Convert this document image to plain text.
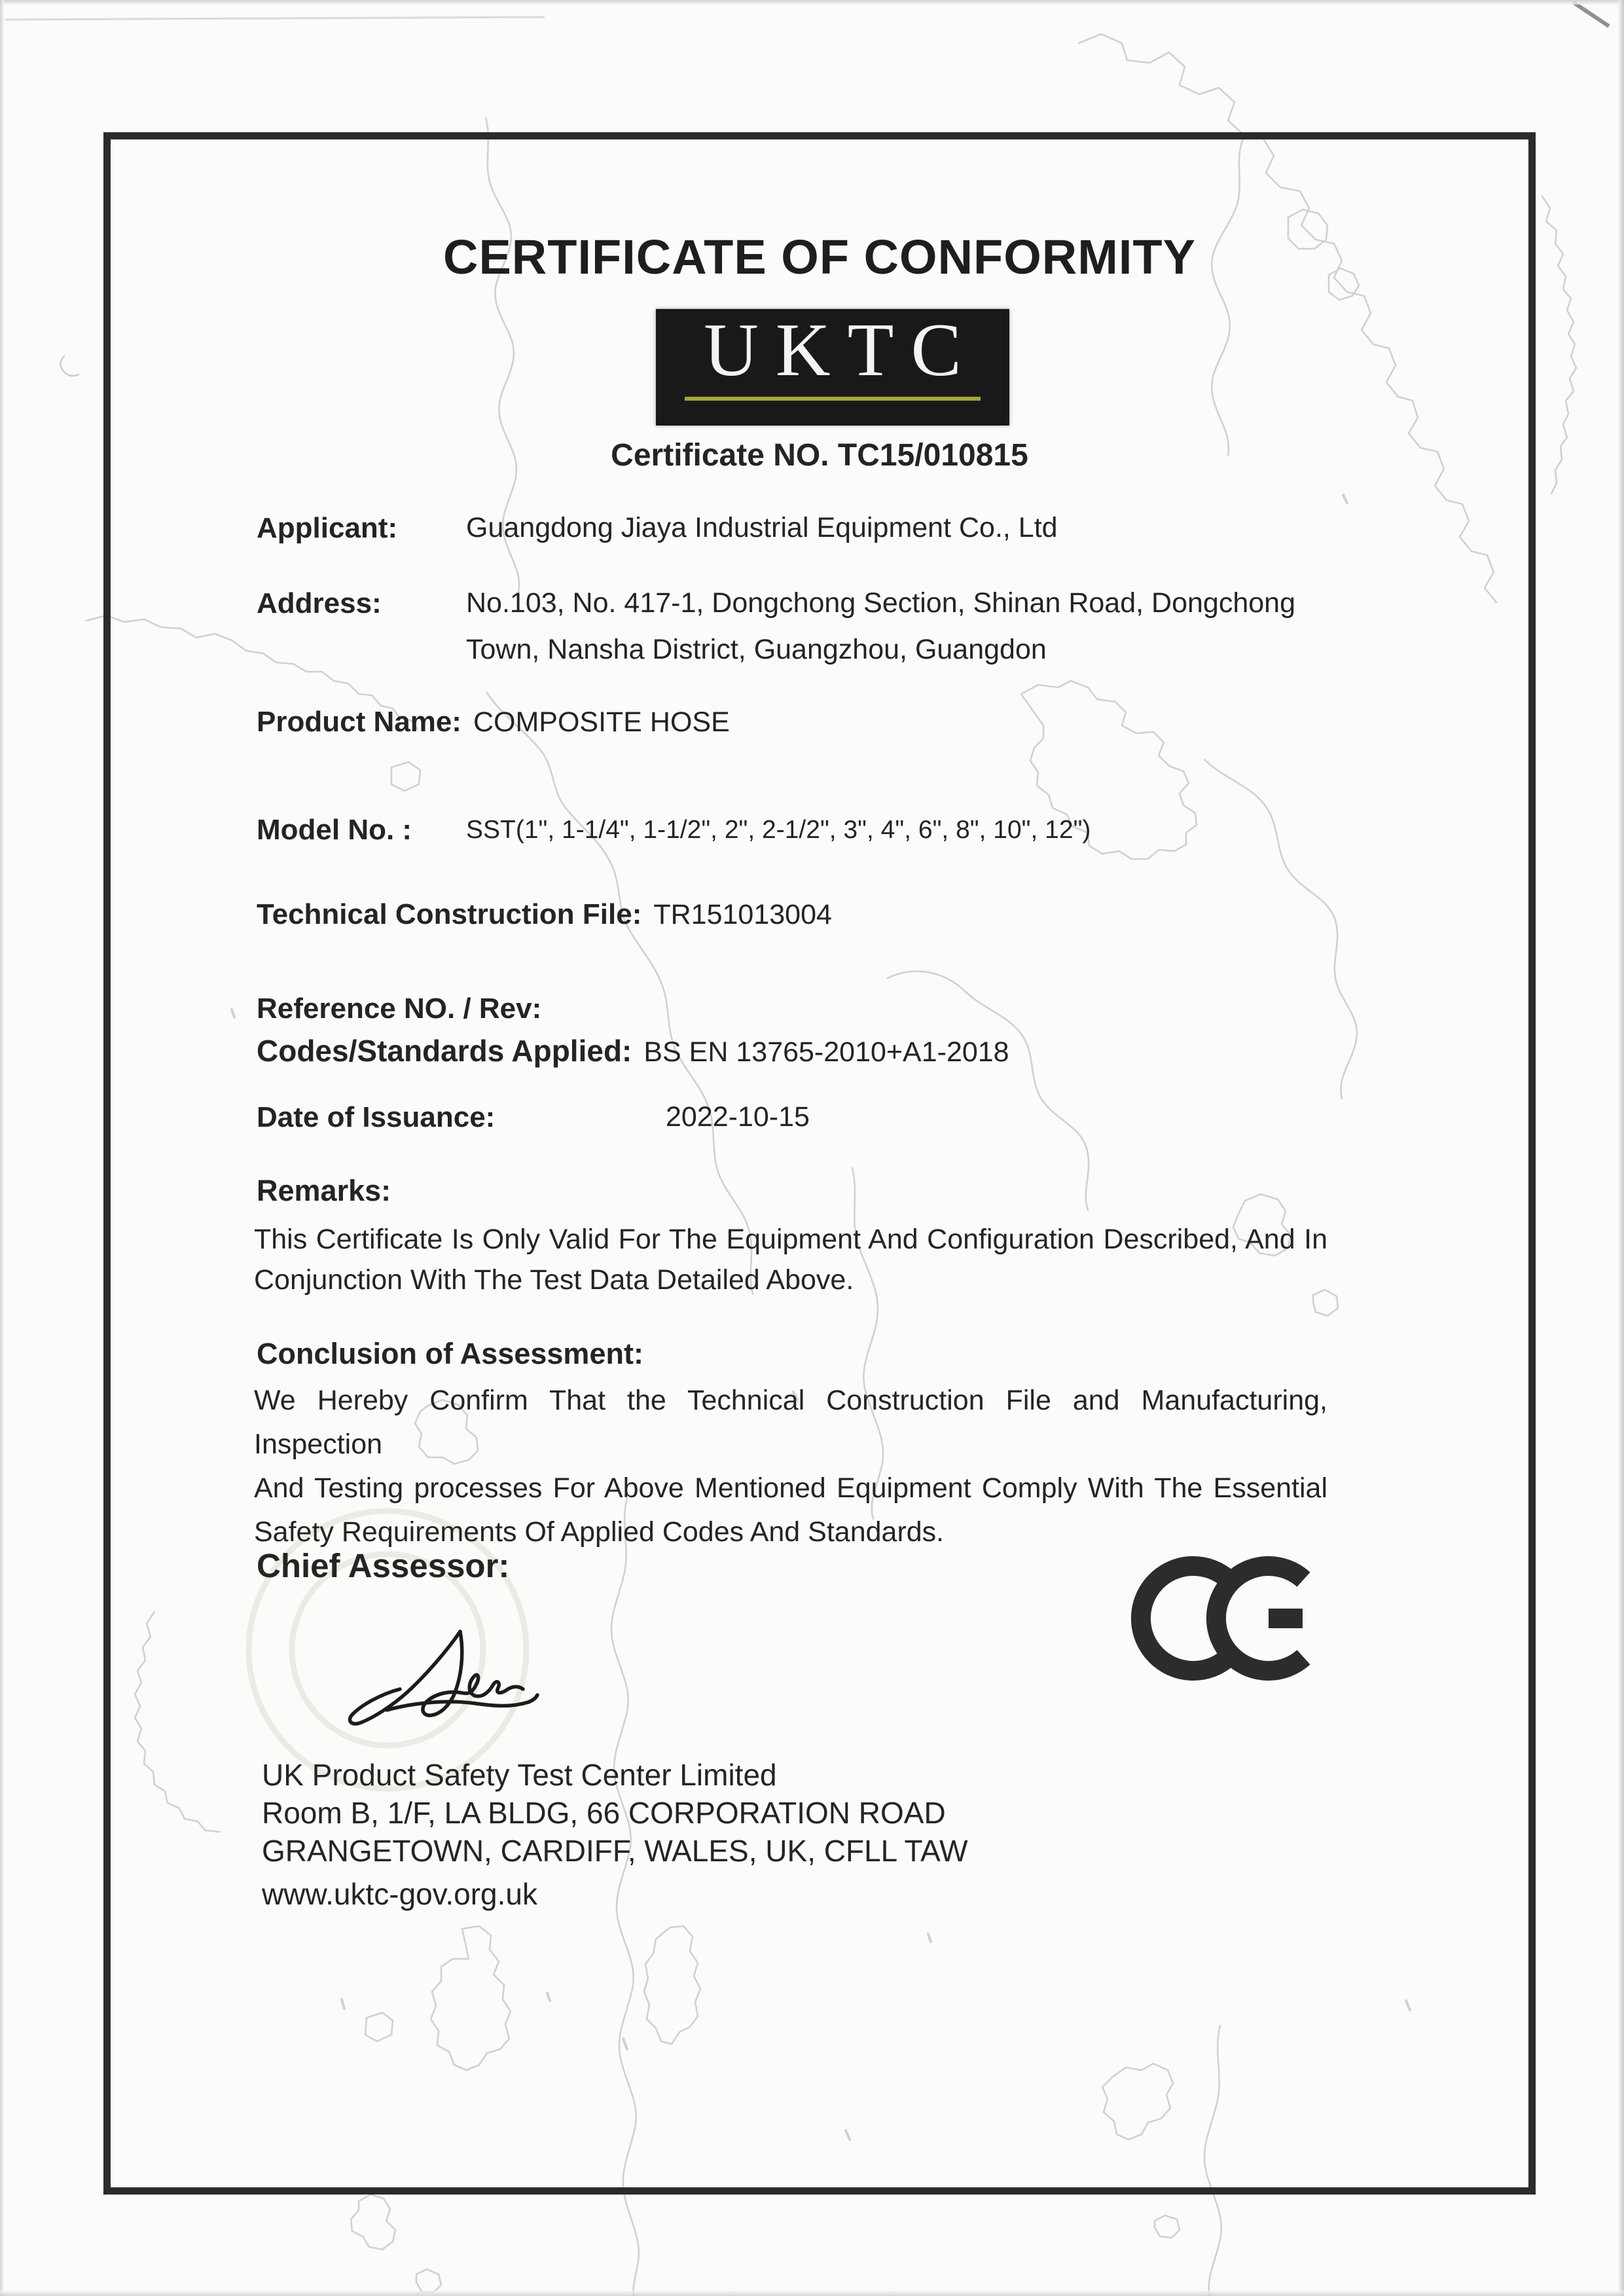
CERTIFICATE OF CONFORMITY
UKTC
Certificate NO. TC15/010815
Applicant: Guangdong Jiaya Industrial Equipment Co., Ltd
Address:	No.103, No. 417-1, Dongchong Section, Shinan Road, Dongchong
Town, Nansha District, Guangzhou, Guangdon
Product Name: COMPOSITE HOSE
Model No. : SST(1", 1-1/4", 1-1/2", 2", 2-1/2", 3", 4", 6", 8", 10", 12")
Technical Construction File: TR151013004
Reference NO. / Rev:
Codes/Standards Applied: BS EN 13765-2010+A1-2018
Date of Issuance:	2022-10-15
Remarks:
This Certificate Is Only Valid For The Equipment And Configuration Described, And In
Conjunction With The Test Data Detailed Above.
Conclusion of Assessment:
We Hereby Confirm That the Technical Construction File and Manufacturing, Inspection
And Testing processes For Above Mentioned Equipment Comply With The Essential
Safety Requirements Of Applied Codes And Standards.
Chief Assessor:
UK Product Safety Test Center Limited
Room B, 1/F, LA BLDG, 66 CORPORATION ROAD
GRANGETOWN, CARDIFF, WALES, UK, CFLL TAW
www.uktc-gov.org.uk
